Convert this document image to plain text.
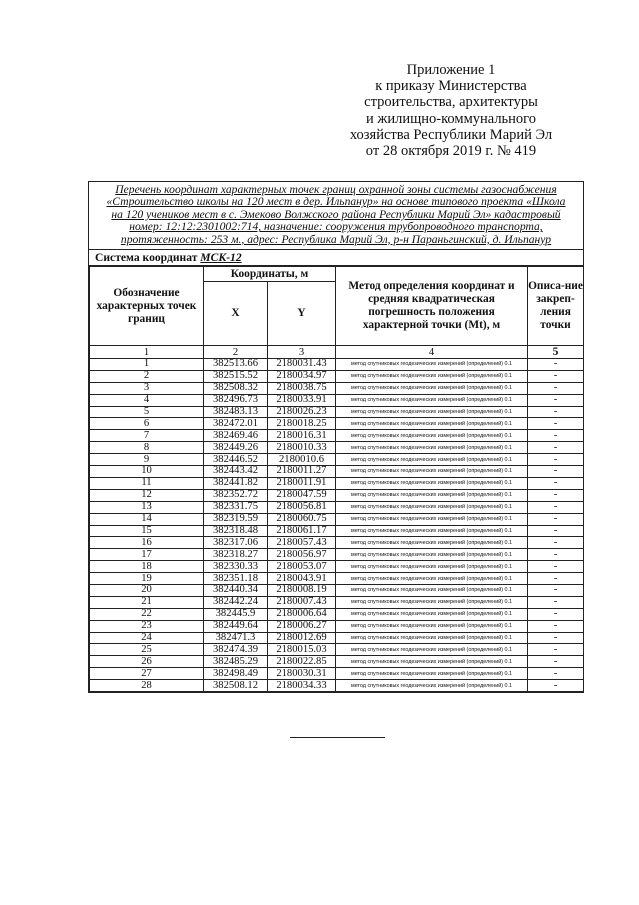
Приложение 1
к приказу Министерства
строительства, архитектуры
и жилищно-коммунального
хозяйства Республики Марий Эл
от 28 октября 2019 г. № 419
Перечень координат характерных точек границ охранной зоны системы газоснабжения
«Строительство школы на 120 мест в дер. Ильпанур» на основе типового проекта «Школа
на 120 учеников мест в с. Эмеково Волжского района Республики Марий Эл» кадастровый
номер: 12:12:2301002:714, назначение: сооружения трубопроводного транспорта,
протяженность: 253 м., адрес: Республика Марий Эл, р-н Параньгинский, д. Ильпанур
Система координат МСК-12
Обозначение характерных точек границ	Координаты, м		Метод определения координат и средняя квадратическая погрешность положения характерной точки (Mt), м	Описа-ние закреп-ления точки
	X	Y		
1	2	3	4	5
1	382513.66	2180031.43	метод спутниковых геодезических измерений (определений) 0.1	-
2	382515.52	2180034.97	метод спутниковых геодезических измерений (определений) 0.1	-
3	382508.32	2180038.75	метод спутниковых геодезических измерений (определений) 0.1	-
4	382496.73	2180033.91	метод спутниковых геодезических измерений (определений) 0.1	-
5	382483.13	2180026.23	метод спутниковых геодезических измерений (определений) 0.1	-
6	382472.01	2180018.25	метод спутниковых геодезических измерений (определений) 0.1	-
7	382469.46	2180016.31	метод спутниковых геодезических измерений (определений) 0.1	-
8	382449.26	2180010.33	метод спутниковых геодезических измерений (определений) 0.1	-
9	382446.52	2180010.6	метод спутниковых геодезических измерений (определений) 0.1	-
10	382443.42	2180011.27	метод спутниковых геодезических измерений (определений) 0.1	-
11	382441.82	2180011.91	метод спутниковых геодезических измерений (определений) 0.1	-
12	382352.72	2180047.59	метод спутниковых геодезических измерений (определений) 0.1	-
13	382331.75	2180056.81	метод спутниковых геодезических измерений (определений) 0.1	-
14	382319.59	2180060.75	метод спутниковых геодезических измерений (определений) 0.1	-
15	382318.48	2180061.17	метод спутниковых геодезических измерений (определений) 0.1	-
16	382317.06	2180057.43	метод спутниковых геодезических измерений (определений) 0.1	-
17	382318.27	2180056.97	метод спутниковых геодезических измерений (определений) 0.1	-
18	382330.33	2180053.07	метод спутниковых геодезических измерений (определений) 0.1	-
19	382351.18	2180043.91	метод спутниковых геодезических измерений (определений) 0.1	-
20	382440.34	2180008.19	метод спутниковых геодезических измерений (определений) 0.1	-
21	382442.24	2180007.43	метод спутниковых геодезических измерений (определений) 0.1	-
22	382445.9	2180006.64	метод спутниковых геодезических измерений (определений) 0.1	-
23	382449.64	2180006.27	метод спутниковых геодезических измерений (определений) 0.1	-
24	382471.3	2180012.69	метод спутниковых геодезических измерений (определений) 0.1	-
25	382474.39	2180015.03	метод спутниковых геодезических измерений (определений) 0.1	-
26	382485.29	2180022.85	метод спутниковых геодезических измерений (определений) 0.1	-
27	382498.49	2180030.31	метод спутниковых геодезических измерений (определений) 0.1	-
28	382508.12	2180034.33	метод спутниковых геодезических измерений (определений) 0.1	-
